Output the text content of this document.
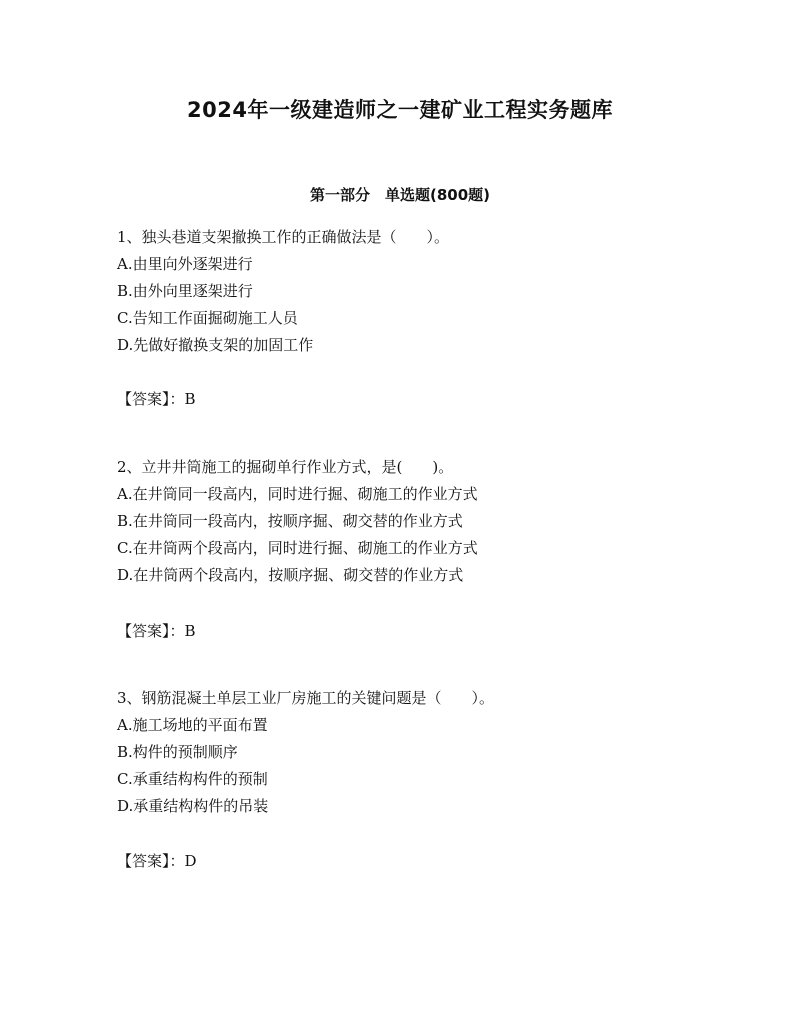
2024年一级建造师之一建矿业工程实务题库
第一部分　单选题(800题)
1、独头巷道支架撤换工作的正确做法是（　　）。
A.由里向外逐架进行
B.由外向里逐架进行
C.告知工作面掘砌施工人员
D.先做好撤换支架的加固工作
【答案】：B
2、立井井筒施工的掘砌单行作业方式，是(　　)。
A.在井筒同一段高内，同时进行掘、砌施工的作业方式
B.在井筒同一段高内，按顺序掘、砌交替的作业方式
C.在井筒两个段高内，同时进行掘、砌施工的作业方式
D.在井筒两个段高内，按顺序掘、砌交替的作业方式
【答案】：B
3、钢筋混凝土单层工业厂房施工的关键问题是（　　）。
A.施工场地的平面布置
B.构件的预制顺序
C.承重结构构件的预制
D.承重结构构件的吊装
【答案】：D
